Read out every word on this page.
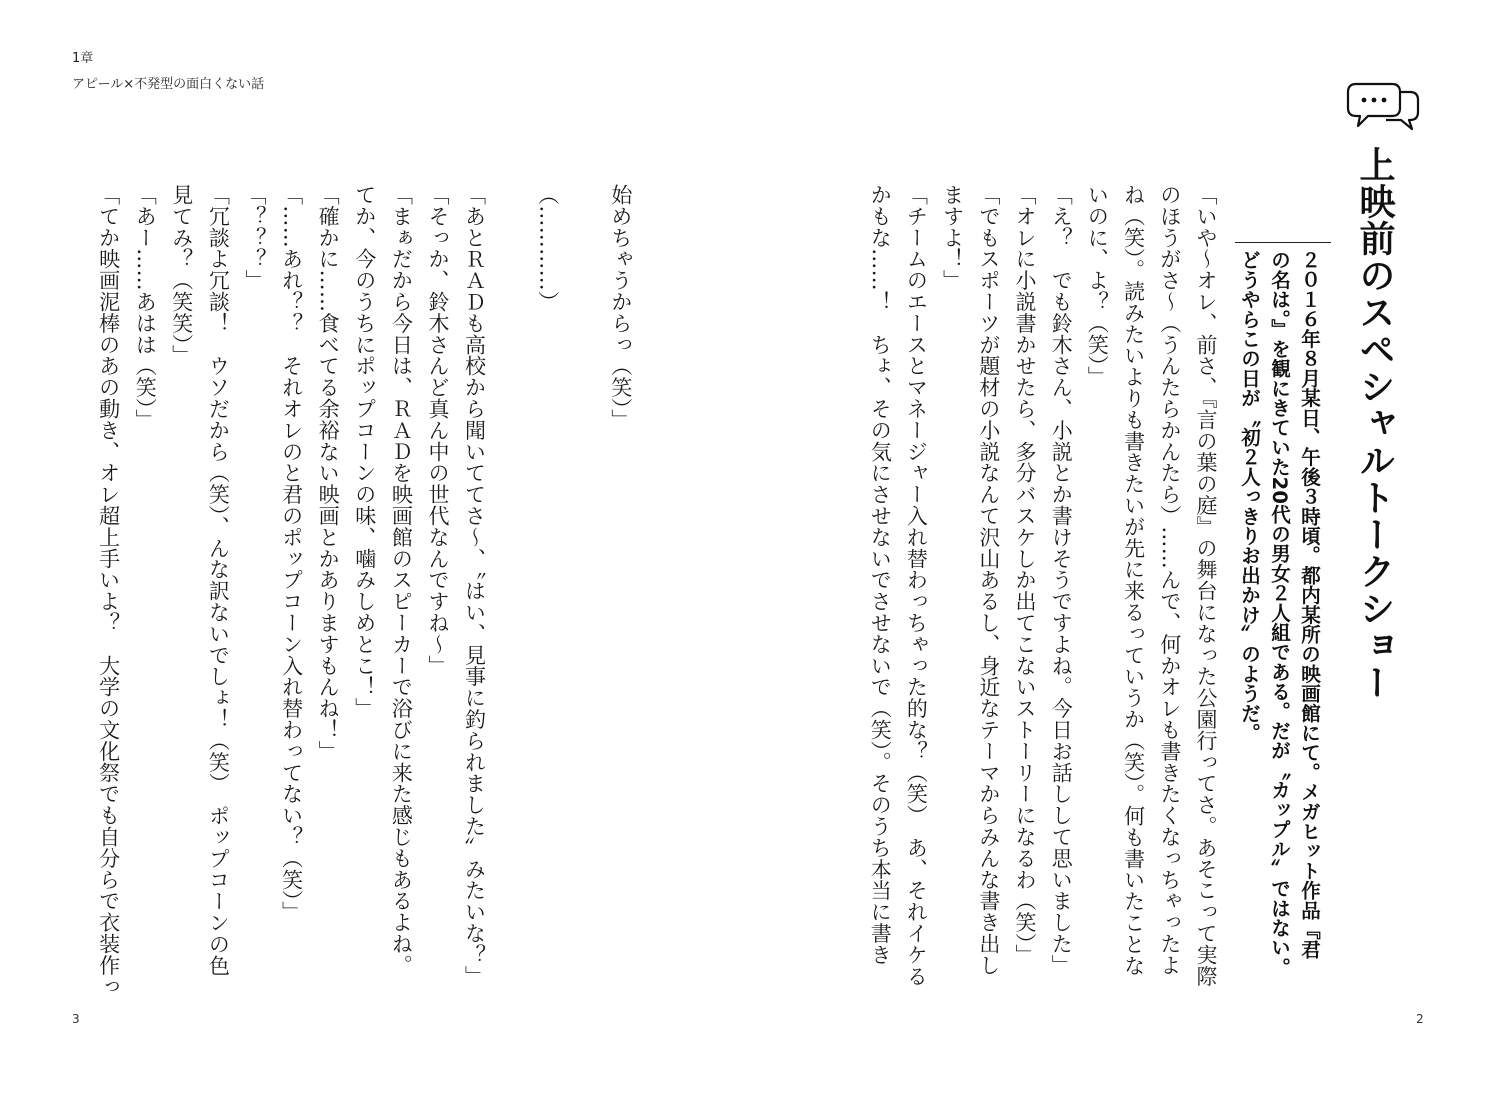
1章
アピール×不発型の面白くない話
上映前のスペシャルトークショー
２０１６年８月某日、午後３時頃。都内某所の映画館にて。メガヒット作品『君
の名は。』を観にきていた20代の男女２人組である。だが〝カップル〟ではない。
どうやらこの日が〝初２人っきりお出かけ〟のようだ。
「いや〜オレ、前さ、『言の葉の庭』の舞台になった公園行ってさ。あそこって実際
のほうがさ〜（うんたらかんたら）……んで、何かオレも書きたくなっちゃったよ
ね（笑）。読みたいよりも書きたいが先に来るっていうか（笑）。何も書いたことな
いのに、よ？（笑）」
「え？　でも鈴木さん、小説とか書けそうですよね。今日お話しして思いました」
「オレに小説書かせたら、多分バスケしか出てこないストーリーになるわ（笑）」
「でもスポーツが題材の小説なんて沢山あるし、身近なテーマからみんな書き出し
ますよ！」
「チームのエースとマネージャー入れ替わっちゃった的な？（笑）　あ、それイケる
かもな……！　ちょ、その気にさせないでさせないで（笑）。そのうち本当に書き
始めちゃうからっ（笑）」
（…………）
「あとＲＡＤも高校から聞いててさ〜、〝はい、見事に釣られました〟みたいな？」
「そっか、鈴木さんど真ん中の世代なんですね〜」
「まぁだから今日は、ＲＡＤを映画館のスピーカーで浴びに来た感じもあるよね。
てか、今のうちにポップコーンの味、噛みしめとこ！」
「確かに……食べてる余裕ない映画とかありますもんね！」
「……あれ？？　それオレのと君のポップコーン入れ替わってない？（笑）」
「？？？」
「冗談よ冗談！　ウソだから（笑）、んな訳ないでしょ！（笑）　ポップコーンの色
見てみ？（笑笑）」
「あー……あはは（笑）」
「てか映画泥棒のあの動き、オレ超上手いよ？　大学の文化祭でも自分らで衣装作っ
3	2
